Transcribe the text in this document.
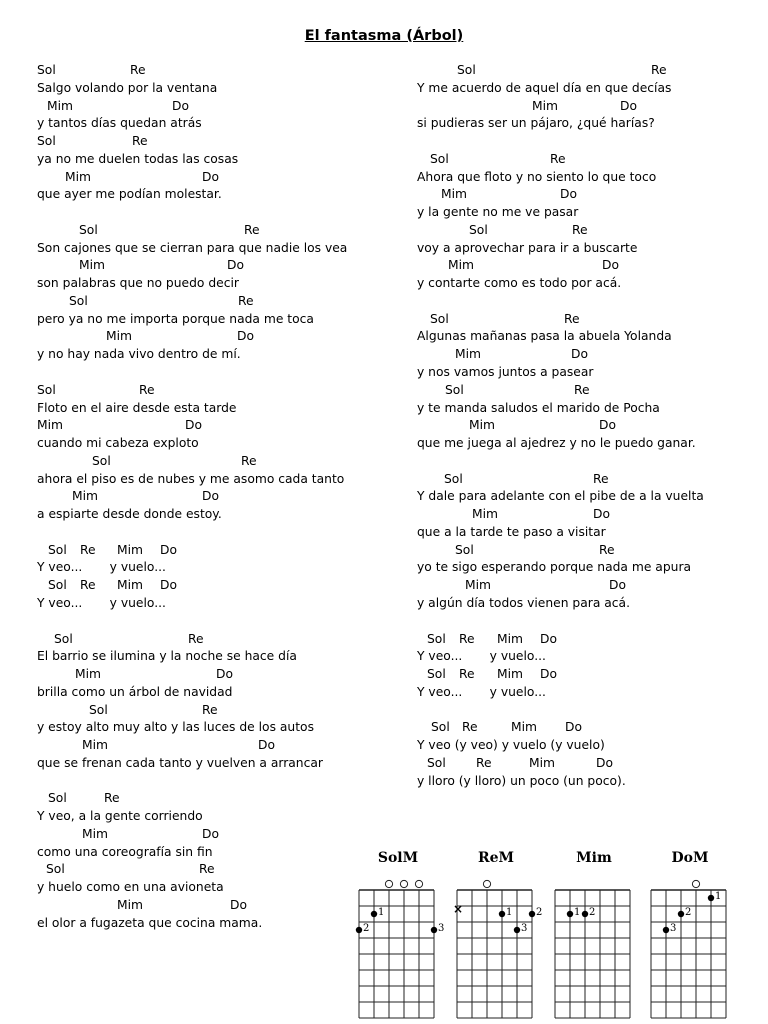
El fantasma (Árbol)
Sol	Re
Salgo volando por la ventana
Mim	Do
y tantos días quedan atrás
Sol	Re
ya no me duelen todas las cosas
Mim	Do
que ayer me podían molestar.
Sol	Re
Son cajones que se cierran para que nadie los vea
Mim	Do
son palabras que no puedo decir
Sol	Re
pero ya no me importa porque nada me toca
Mim	Do
y no hay nada vivo dentro de mí.
Sol	Re
Floto en el aire desde esta tarde
Mim	Do
cuando mi cabeza exploto
Sol	Re
ahora el piso es de nubes y me asomo cada tanto
Mim	Do
a espiarte desde donde estoy.
Sol Re Mim Do
Y veo...       y vuelo...
Sol Re Mim Do
Y veo...       y vuelo...
Sol	Re
El barrio se ilumina y la noche se hace día
Mim	Do
brilla como un árbol de navidad
Sol	Re
y estoy alto muy alto y las luces de los autos
Mim	Do
que se frenan cada tanto y vuelven a arrancar
Sol	Re
Y veo, a la gente corriendo
Mim	Do
como una coreografía sin fin
Sol	Re
y huelo como en una avioneta
Mim	Do
el olor a fugazeta que cocina mama.
Sol	Re
Y me acuerdo de aquel día en que decías
Mim	Do
si pudieras ser un pájaro, ¿qué harías?
Sol	Re
Ahora que floto y no siento lo que toco
Mim	Do
y la gente no me ve pasar
Sol	Re
voy a aprovechar para ir a buscarte
Mim	Do
y contarte como es todo por acá.
Sol	Re
Algunas mañanas pasa la abuela Yolanda
Mim	Do
y nos vamos juntos a pasear
Sol	Re
y te manda saludos el marido de Pocha
Mim	Do
que me juega al ajedrez y no le puedo ganar.
Sol	Re
Y dale para adelante con el pibe de a la vuelta
Mim	Do
que a la tarde te paso a visitar
Sol	Re
yo te sigo esperando porque nada me apura
Mim	Do
y algún día todos vienen para acá.
Sol Re Mim Do
Y veo...       y vuelo...
Sol Re Mim Do
Y veo...       y vuelo...
Sol Re	Mim Do
Y veo (y veo) y vuelo (y vuelo)
Sol Re	Mim	Do
y lloro (y lloro) un poco (un poco).
SolM
2
1
3
ReM
×	1 2
3
Mim
1 2
DoM
1
2
3
